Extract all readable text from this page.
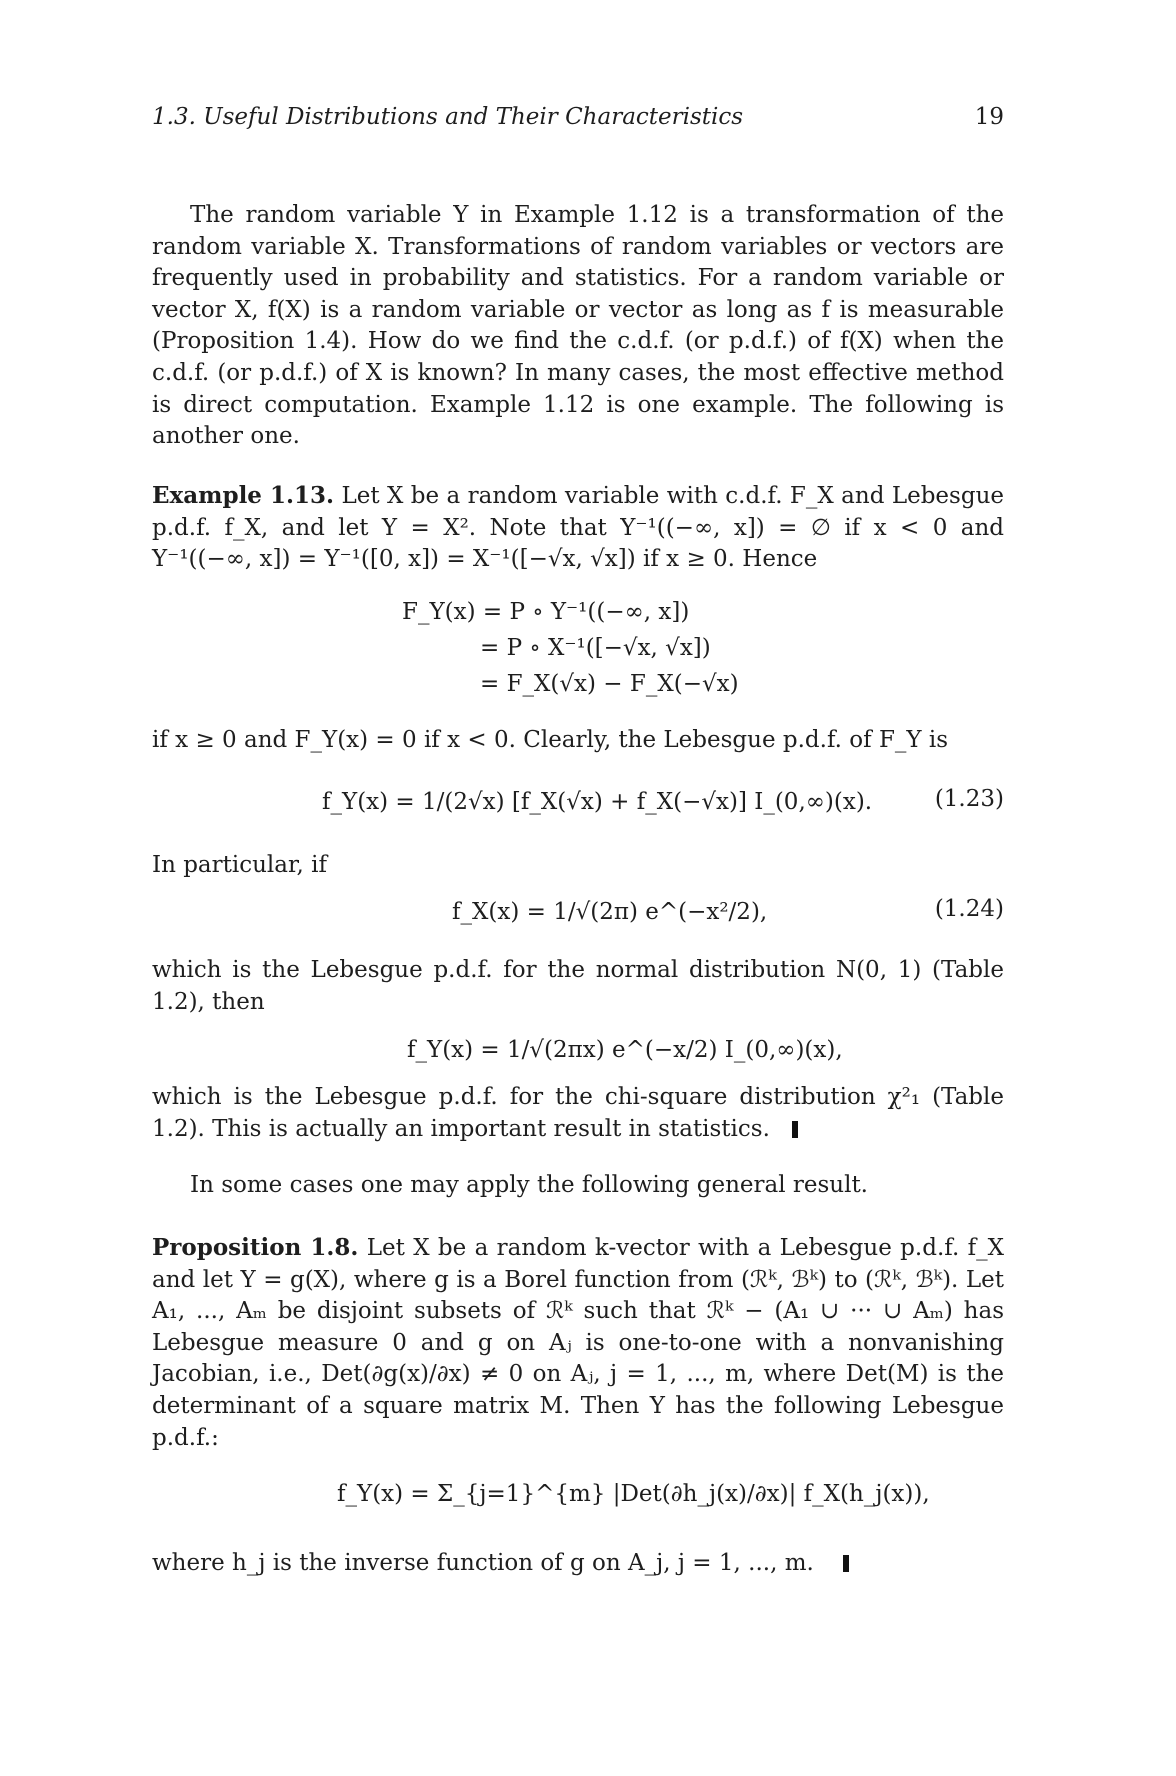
1.3. Useful Distributions and Their Characteristics	19
The random variable Y in Example 1.12 is a transformation of the random variable X. Transformations of random variables or vectors are frequently used in probability and statistics. For a random variable or vector X, f(X) is a random variable or vector as long as f is measurable (Proposition 1.4). How do we find the c.d.f. (or p.d.f.) of f(X) when the c.d.f. (or p.d.f.) of X is known? In many cases, the most effective method is direct computation. Example 1.12 is one example. The following is another one.
Example 1.13. Let X be a random variable with c.d.f. F_X and Lebesgue p.d.f. f_X, and let Y = X². Note that Y⁻¹((−∞, x]) = ∅ if x < 0 and Y⁻¹((−∞, x]) = Y⁻¹([0, x]) = X⁻¹([−√x, √x]) if x ≥ 0. Hence
F_Y(x) = P ∘ Y⁻¹((−∞, x])
= P ∘ X⁻¹([−√x, √x])
= F_X(√x) − F_X(−√x)
if x ≥ 0 and F_Y(x) = 0 if x < 0. Clearly, the Lebesgue p.d.f. of F_Y is
f_Y(x) = 1/(2√x) [f_X(√x) + f_X(−√x)] I_(0,∞)(x).	(1.23)
In particular, if
f_X(x) = 1/√(2π) e^(−x²/2),	(1.24)
which is the Lebesgue p.d.f. for the normal distribution N(0, 1) (Table 1.2), then
f_Y(x) = 1/√(2πx) e^(−x/2) I_(0,∞)(x),
which is the Lebesgue p.d.f. for the chi-square distribution χ²₁ (Table 1.2). This is actually an important result in statistics.
In some cases one may apply the following general result.
Proposition 1.8. Let X be a random k-vector with a Lebesgue p.d.f. f_X and let Y = g(X), where g is a Borel function from (ℛᵏ, ℬᵏ) to (ℛᵏ, ℬᵏ). Let A₁, ..., Aₘ be disjoint subsets of ℛᵏ such that ℛᵏ − (A₁ ∪ ··· ∪ Aₘ) has Lebesgue measure 0 and g on Aⱼ is one-to-one with a nonvanishing Jacobian, i.e., Det(∂g(x)/∂x) ≠ 0 on Aⱼ, j = 1, ..., m, where Det(M) is the determinant of a square matrix M. Then Y has the following Lebesgue p.d.f.:
f_Y(x) = Σ_{j=1}^{m} |Det(∂h_j(x)/∂x)| f_X(h_j(x)),
where h_j is the inverse function of g on A_j, j = 1, ..., m.
